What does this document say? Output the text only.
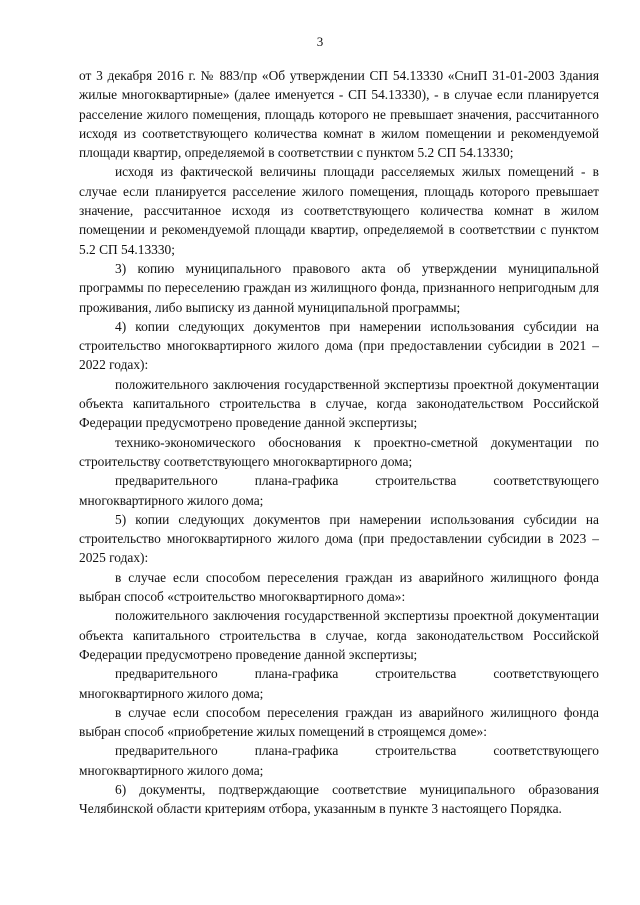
3

от 3 декабря 2016 г. № 883/пр «Об утверждении СП 54.13330 «СниП 31-01-2003 Здания жилые многоквартирные» (далее именуется - СП 54.13330), - в случае если планируется расселение жилого помещения, площадь которого не превышает значения, рассчитанного исходя из соответствующего количества комнат в жилом помещении и рекомендуемой площади квартир, определяемой в соответствии с пунктом 5.2 СП 54.13330;

исходя из фактической величины площади расселяемых жилых помещений - в случае если планируется расселение жилого помещения, площадь которого превышает значение, рассчитанное исходя из соответствующего количества комнат в жилом помещении и рекомендуемой площади квартир, определяемой в соответствии с пунктом 5.2 СП 54.13330;

3) копию муниципального правового акта об утверждении муниципальной программы по переселению граждан из жилищного фонда, признанного непригодным для проживания, либо выписку из данной муниципальной программы;

4) копии следующих документов при намерении использования субсидии на строительство многоквартирного жилого дома (при предоставлении субсидии в 2021 – 2022 годах):

положительного заключения государственной экспертизы проектной документации объекта капитального строительства в случае, когда законодательством Российской Федерации предусмотрено проведение данной экспертизы;

технико-экономического обоснования к проектно-сметной документации по строительству соответствующего многоквартирного дома;

предварительного плана-графика строительства соответствующего многоквартирного жилого дома;

5) копии следующих документов при намерении использования субсидии на строительство многоквартирного жилого дома (при предоставлении субсидии в 2023 – 2025 годах):

в случае если способом переселения граждан из аварийного жилищного фонда выбран способ «строительство многоквартирного дома»:

положительного заключения государственной экспертизы проектной документации объекта капитального строительства в случае, когда законодательством Российской Федерации предусмотрено проведение данной экспертизы;

предварительного плана-графика строительства соответствующего многоквартирного жилого дома;

в случае если способом переселения граждан из аварийного жилищного фонда выбран способ «приобретение жилых помещений в строящемся доме»:

предварительного плана-графика строительства соответствующего многоквартирного жилого дома;

6) документы, подтверждающие соответствие муниципального образования Челябинской области критериям отбора, указанным в пункте 3 настоящего Порядка.
